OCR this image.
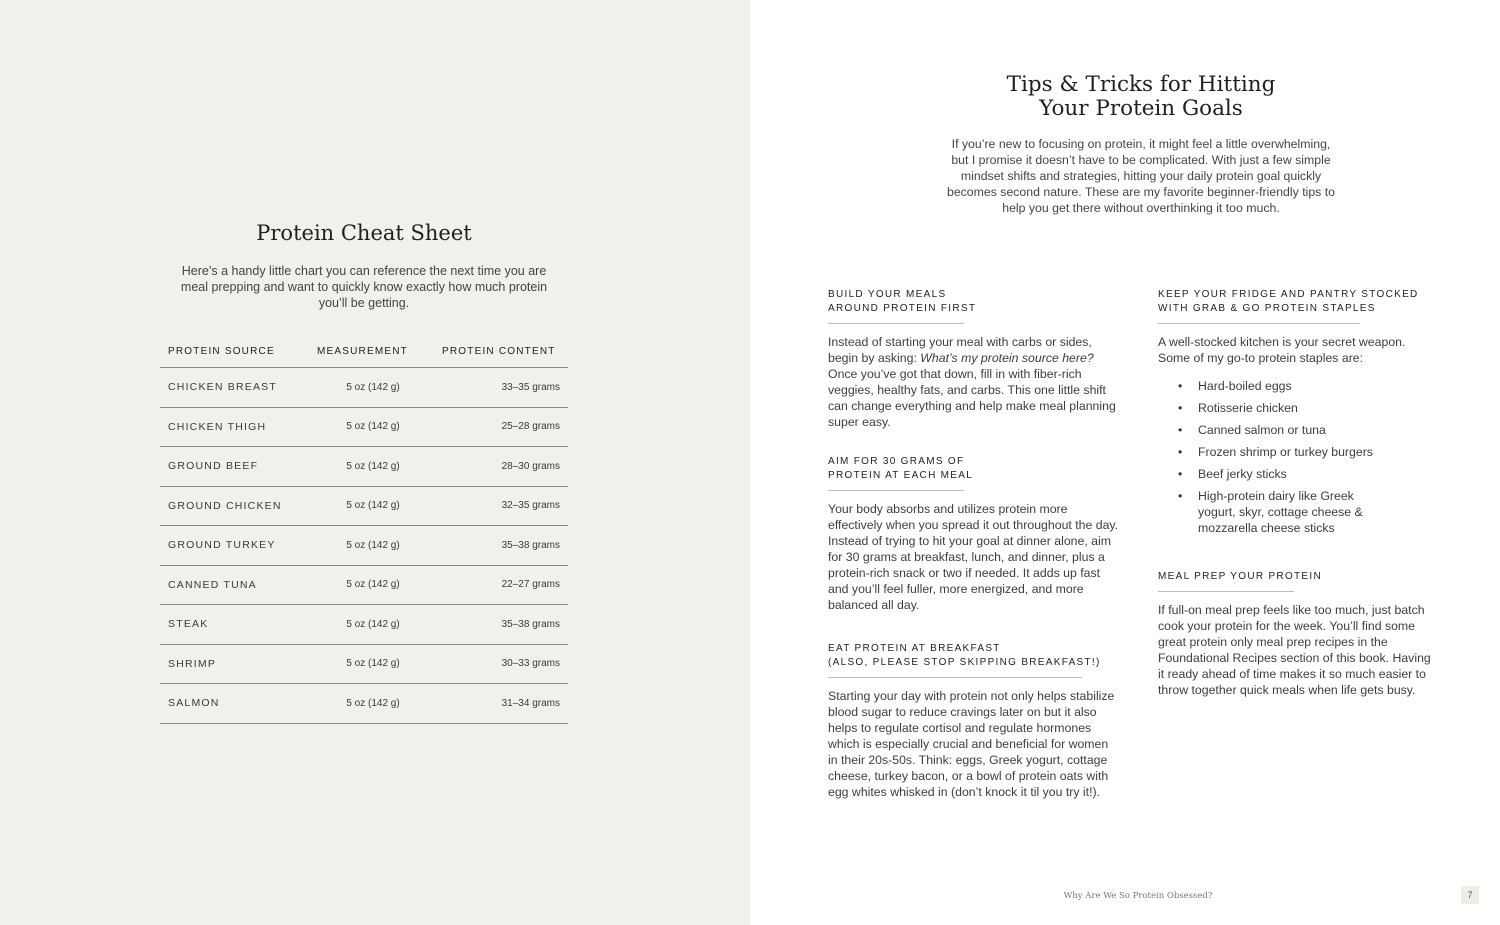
Protein Cheat Sheet

Here’s a handy little chart you can reference the next time you are meal prepping and want to quickly know exactly how much protein you’ll be getting.

PROTEIN SOURCE	MEASUREMENT	PROTEIN CONTENT
CHICKEN BREAST	5 oz (142 g)	33–35 grams
CHICKEN THIGH	5 oz (142 g)	25–28 grams
GROUND BEEF	5 oz (142 g)	28–30 grams
GROUND CHICKEN	5 oz (142 g)	32–35 grams
GROUND TURKEY	5 oz (142 g)	35–38 grams
CANNED TUNA	5 oz (142 g)	22–27 grams
STEAK	5 oz (142 g)	35–38 grams
SHRIMP	5 oz (142 g)	30–33 grams
SALMON	5 oz (142 g)	31–34 grams
Tips & Tricks for Hitting Your Protein Goals

If you’re new to focusing on protein, it might feel a little overwhelming, but I promise it doesn’t have to be complicated. With just a few simple mindset shifts and strategies, hitting your daily protein goal quickly becomes second nature. These are my favorite beginner-friendly tips to help you get there without overthinking it too much.

BUILD YOUR MEALS
AROUND PROTEIN FIRST

Instead of starting your meal with carbs or sides, begin by asking: What’s my protein source here? Once you’ve got that down, fill in with fiber-rich veggies, healthy fats, and carbs. This one little shift can change everything and help make meal planning super easy.

AIM FOR 30 GRAMS OF
PROTEIN AT EACH MEAL

Your body absorbs and utilizes protein more effectively when you spread it out throughout the day. Instead of trying to hit your goal at dinner alone, aim for 30 grams at breakfast, lunch, and dinner, plus a protein-rich snack or two if needed. It adds up fast and you’ll feel fuller, more energized, and more balanced all day.

EAT PROTEIN AT BREAKFAST
(ALSO, PLEASE STOP SKIPPING BREAKFAST!)

Starting your day with protein not only helps stabilize blood sugar to reduce cravings later on but it also helps to regulate cortisol and regulate hormones which is especially crucial and beneficial for women in their 20s-50s. Think: eggs, Greek yogurt, cottage cheese, turkey bacon, or a bowl of protein oats with egg whites whisked in (don’t knock it til you try it!).

KEEP YOUR FRIDGE AND PANTRY STOCKED
WITH GRAB & GO PROTEIN STAPLES

A well-stocked kitchen is your secret weapon. Some of my go-to protein staples are:

• Hard-boiled eggs
• Rotisserie chicken
• Canned salmon or tuna
• Frozen shrimp or turkey burgers
• Beef jerky sticks
• High-protein dairy like Greek yogurt, skyr, cottage cheese & mozzarella cheese sticks
MEAL PREP YOUR PROTEIN

If full-on meal prep feels like too much, just batch cook your protein for the week. You’ll find some great protein only meal prep recipes in the Foundational Recipes section of this book. Having it ready ahead of time makes it so much easier to throw together quick meals when life gets busy.

Why Are We So Protein Obsessed?	7
